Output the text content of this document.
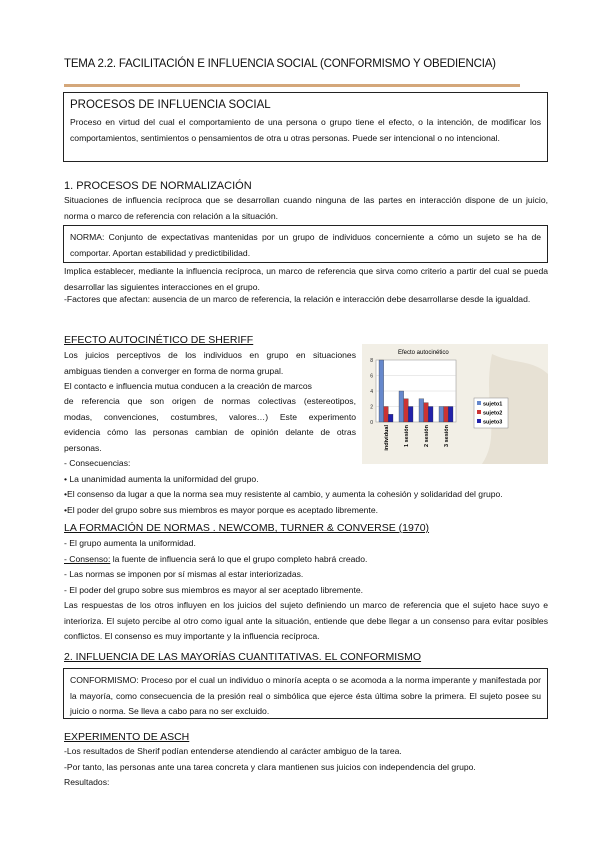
TEMA 2.2. FACILITACIÓN E INFLUENCIA SOCIAL (CONFORMISMO Y OBEDIENCIA)
PROCESOS DE INFLUENCIA SOCIAL

Proceso en virtud del cual el comportamiento de una persona o grupo tiene el efecto, o la intención, de modificar los comportamientos, sentimientos o pensamientos de otra u otras personas. Puede ser intencional o no intencional.

1. PROCESOS DE NORMALIZACIÓN

Situaciones de influencia recíproca que se desarrollan cuando ninguna de las partes en interacción dispone de un juicio, norma o marco de referencia con relación a la situación.

NORMA: Conjunto de expectativas mantenidas por un grupo de individuos concerniente a cómo un sujeto se ha de comportar. Aportan estabilidad y predictibilidad.

Implica establecer, mediante la influencia recíproca, un marco de referencia que sirva como criterio a partir del cual se pueda desarrollar las siguientes interacciones en el grupo.

-Factores que afectan: ausencia de un marco de referencia, la relación e interacción debe desarrollarse desde la igualdad.

EFECTO AUTOCINÉTICO DE SHERIFF

Los juicios perceptivos de los individuos en grupo en situaciones

ambiguas tienden a converger en forma de norma grupal.

El contacto e influencia mutua conducen a la creación de marcos

de referencia que son origen de normas colectivas (estereotipos,

modas, convenciones, costumbres, valores…) Este experimento

evidencia cómo las personas cambian de opinión delante de otras

personas.

- Consecuencias:

• La unanimidad aumenta la uniformidad del grupo.

•El consenso da lugar a que la norma sea muy resistente al cambio, y aumenta la cohesión y solidaridad del grupo.

•El poder del grupo sobre sus miembros es mayor porque es aceptado libremente.

Efecto autocinético
0
2
4
6
8
individual	1 sesión	2 sesión	3 sesión
sujeto1
sujeto2
sujeto3
LA FORMACIÓN DE NORMAS . NEWCOMB, TURNER & CONVERSE (1970)

- El grupo aumenta la uniformidad.

- Consenso: la fuente de influencia será lo que el grupo completo habrá creado.

- Las normas se imponen por sí mismas al estar interiorizadas.

- El poder del grupo sobre sus miembros es mayor al ser aceptado libremente.

Las respuestas de los otros influyen en los juicios del sujeto definiendo un marco de referencia que el sujeto hace suyo e interioriza. El sujeto percibe al otro como igual ante la situación, entiende que debe llegar a un consenso para evitar posibles conflictos. El consenso es muy importante y la influencia recíproca.

2. INFLUENCIA DE LAS MAYORÍAS CUANTITATIVAS. EL CONFORMISMO

CONFORMISMO: Proceso por el cual un individuo o minoría acepta o se acomoda a la norma imperante y manifestada por la mayoría, como consecuencia de la presión real o simbólica que ejerce ésta última sobre la primera. El sujeto posee su juicio o norma. Se lleva a cabo para no ser excluido.

EXPERIMENTO DE ASCH

-Los resultados de Sherif podían entenderse atendiendo al carácter ambiguo de la tarea.

-Por tanto, las personas ante una tarea concreta y clara mantienen sus juicios con independencia del grupo.

Resultados:
